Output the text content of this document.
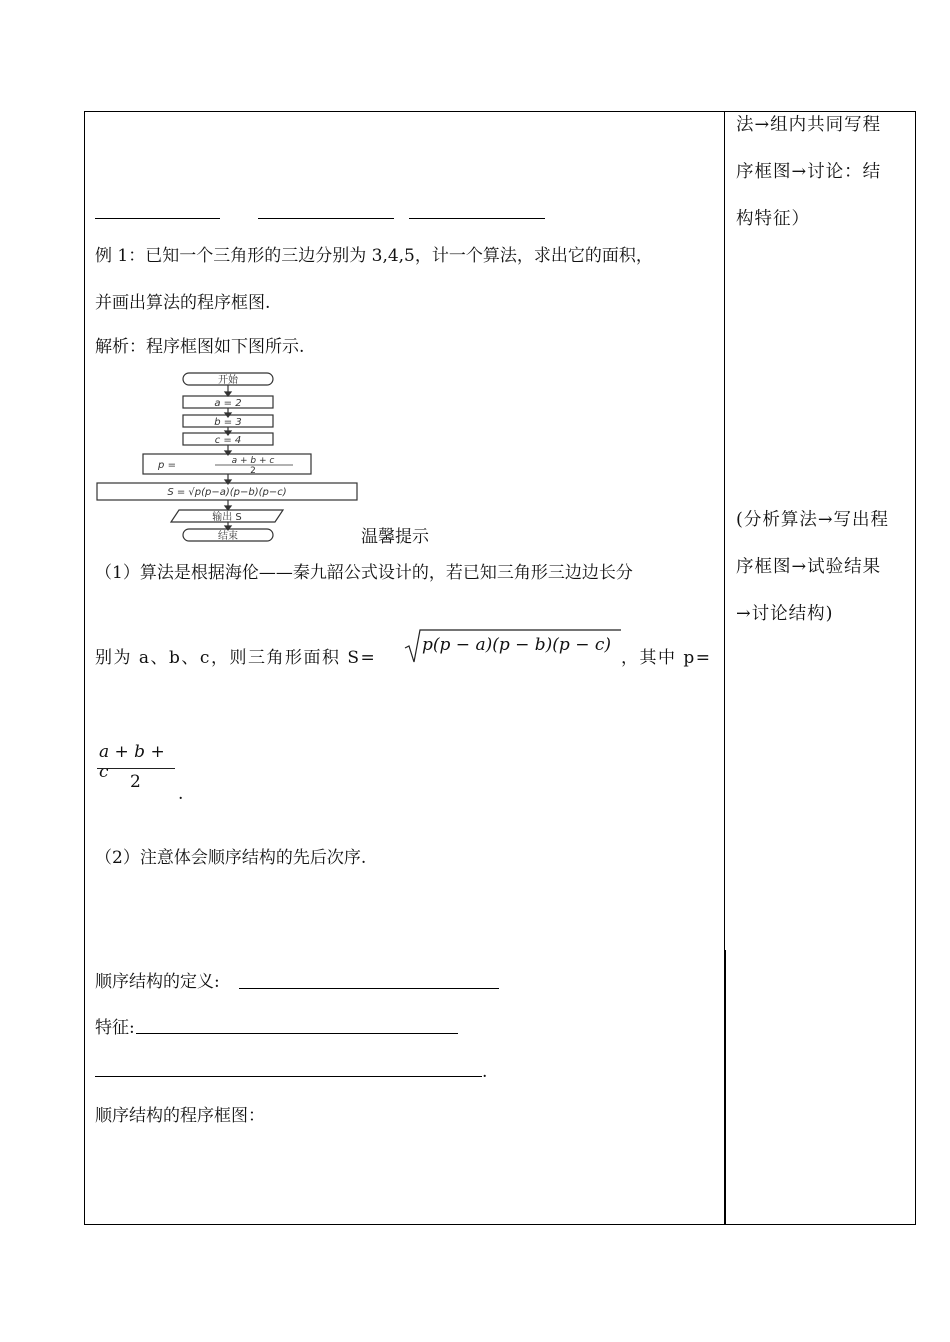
例 1：已知一个三角形的三边分别为 3,4,5，计一个算法，求出它的面积，
并画出算法的程序框图.
解析：程序框图如下图所示.
开始
a = 2
b = 3
c = 4
p =	a + b + c
2
S = √p(p−a)(p−b)(p−c)
输出 S
结束	温馨提示
（1）算法是根据海伦——秦九韶公式设计的，若已知三角形三边边长分
别为 a、b、c，则三角形面积 S=
p(p − a)(p − b)(p − c)
，其中 p=
a + b + c	2
.
（2）注意体会顺序结构的先后次序.
顺序结构的定义:
特征:
.
顺序结构的程序框图：
法→组内共同写程
序框图→讨论：结
构特征）
(分析算法→写出程
序框图→试验结果
→讨论结构)
